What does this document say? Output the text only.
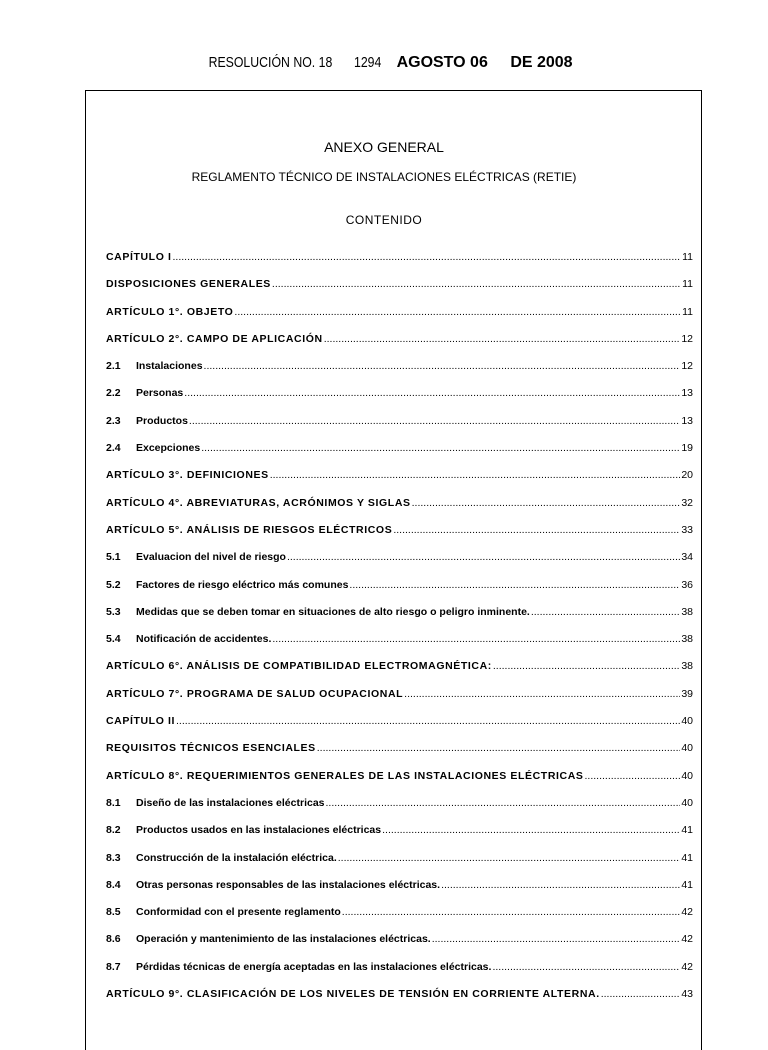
RESOLUCIÓN NO. 18 1294 AGOSTO 06 DE 2008
ANEXO GENERAL
REGLAMENTO TÉCNICO DE INSTALACIONES ELÉCTRICAS (RETIE)
CONTENIDO
CAPÍTULO I .....	11
DISPOSICIONES GENERALES .....	11
ARTÍCULO 1°. OBJETO .....	11
ARTÍCULO 2°. CAMPO DE APLICACIÓN .....	12
2.1	Instalaciones .....	12
2.2	Personas .....	13
2.3	Productos .....	13
2.4	Excepciones .....	19
ARTÍCULO 3°. DEFINICIONES .....	20
ARTÍCULO 4°. ABREVIATURAS, ACRÓNIMOS Y SIGLAS .....	32
ARTÍCULO 5°. ANÁLISIS DE RIESGOS ELÉCTRICOS .....	33
5.1	Evaluacion del nivel de riesgo .....	34
5.2	Factores de riesgo eléctrico más comunes .....	36
5.3	Medidas que se deben tomar en situaciones de alto riesgo o peligro inminente. .....	38
5.4	Notificación de accidentes. .....	38
ARTÍCULO 6°. ANÁLISIS DE COMPATIBILIDAD ELECTROMAGNÉTICA: .....	38
ARTÍCULO 7°. PROGRAMA DE SALUD OCUPACIONAL .....	39
CAPÍTULO II .....	40
REQUISITOS TÉCNICOS ESENCIALES .....	40
ARTÍCULO 8°. REQUERIMIENTOS GENERALES DE LAS INSTALACIONES ELÉCTRICAS .....	40
8.1	Diseño de las instalaciones eléctricas .....	40
8.2	Productos usados en las instalaciones eléctricas .....	41
8.3	Construcción de la instalación eléctrica. .....	41
8.4	Otras personas responsables de las instalaciones eléctricas. .....	41
8.5	Conformidad con el presente reglamento .....	42
8.6	Operación y mantenimiento de las instalaciones eléctricas. .....	42
8.7	Pérdidas técnicas de energía aceptadas en las instalaciones eléctricas. .....	42
ARTÍCULO 9°. CLASIFICACIÓN DE LOS NIVELES DE TENSIÓN EN CORRIENTE ALTERNA. .....	43
